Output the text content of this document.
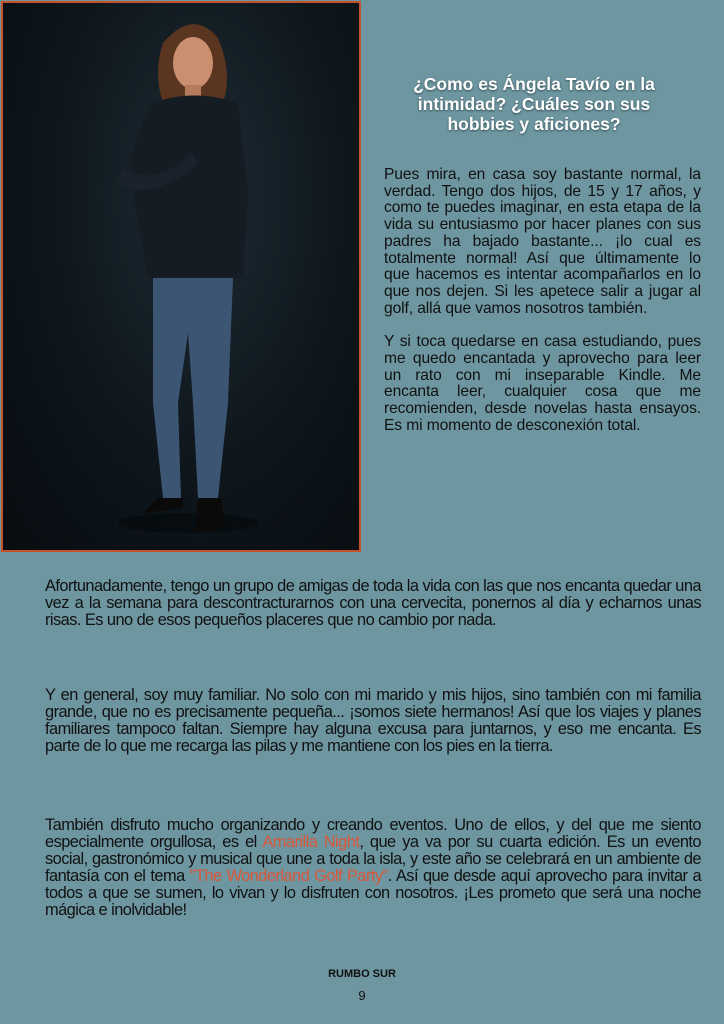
¿Como es Ángela Tavío en la intimidad? ¿Cuáles son sus hobbies y aficiones?

Pues mira, en casa soy bastante normal, la verdad. Tengo dos hijos, de 15 y 17 años, y como te puedes imaginar, en esta etapa de la vida su entusiasmo por hacer planes con sus padres ha bajado bastante... ¡lo cual es totalmente normal! Así que últimamente lo que hacemos es intentar acompañarlos en lo que nos dejen. Si les apetece salir a jugar al golf, allá que vamos nosotros también.

Y si toca quedarse en casa estudiando, pues me quedo encantada y aprovecho para leer un rato con mi inseparable Kindle. Me encanta leer, cualquier cosa que me recomienden, desde novelas hasta ensayos. Es mi momento de desconexión total.

Afortunadamente, tengo un grupo de amigas de toda la vida con las que nos encanta quedar una vez a la semana para descontracturarnos con una cervecita, ponernos al día y echarnos unas risas. Es uno de esos pequeños placeres que no cambio por nada.
Y en general, soy muy familiar. No solo con mi marido y mis hijos, sino también con mi familia grande, que no es precisamente pequeña... ¡somos siete hermanos! Así que los viajes y planes familiares tampoco faltan. Siempre hay alguna excusa para juntarnos, y eso me encanta. Es parte de lo que me recarga las pilas y me mantiene con los pies en la tierra.
También disfruto mucho organizando y creando eventos. Uno de ellos, y del que me siento especialmente orgullosa, es el Amarilla Night, que ya va por su cuarta edición. Es un evento social, gastronómico y musical que une a toda la isla, y este año se celebrará en un ambiente de fantasía con el tema "The Wonderland Golf Party". Así que desde aquí aprovecho para invitar a todos a que se sumen, lo vivan y lo disfruten con nosotros. ¡Les prometo que será una noche mágica e inolvidable!
RUMBO SUR
9
